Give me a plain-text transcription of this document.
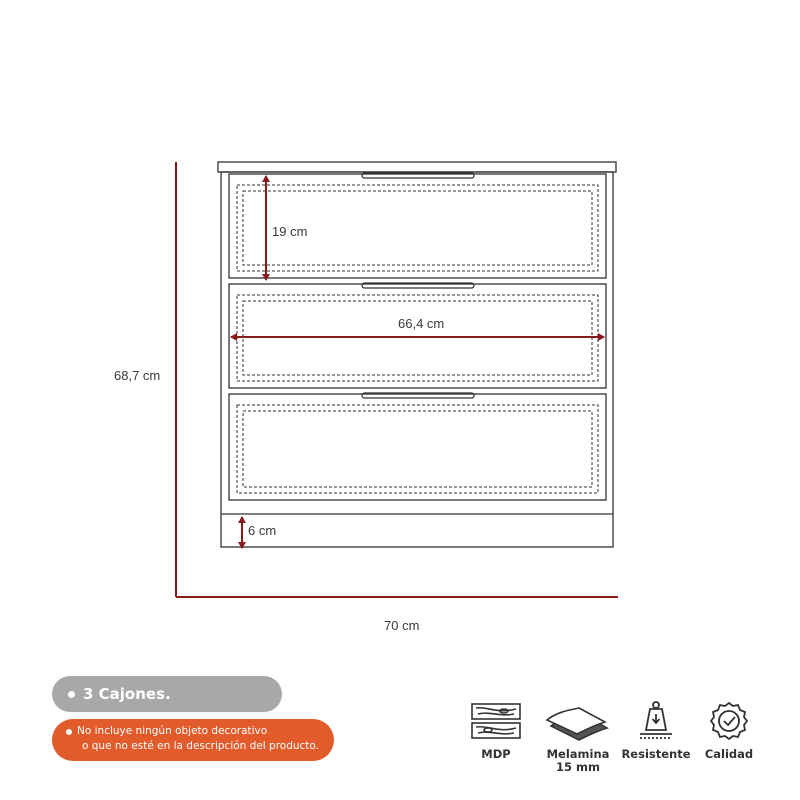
68,7 cm
70 cm
19 cm
66,4 cm
6 cm
3 Cajones.
No incluye ningún objeto decorativo
o que no esté en la descripción del producto.
MDP	Melamina
15 mm
Resistente	Calidad
